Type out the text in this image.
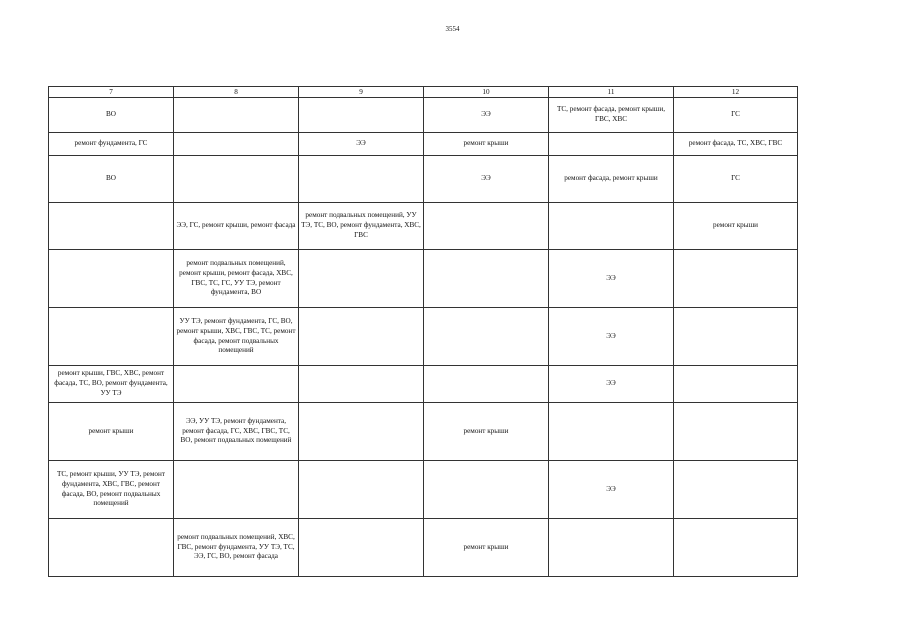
3554
7	8	9	10	11	12
ВО			ЭЭ	ТС, ремонт фасада, ремонт крыши, ГВС, ХВС	ГС
ремонт фундамента, ГС		ЭЭ	ремонт крыши		ремонт фасада, ТС, ХВС, ГВС
ВО			ЭЭ	ремонт фасада, ремонт крыши	ГС
	ЭЭ, ГС, ремонт крыши, ремонт фасада	ремонт подвальных помещений, УУ ТЭ, ТС, ВО, ремонт фундамента, ХВС, ГВС			ремонт крыши
	ремонт подвальных помещений, ремонт крыши, ремонт фасада, ХВС, ГВС, ТС, ГС, УУ ТЭ, ремонт фундамента, ВО			ЭЭ	
	УУ ТЭ, ремонт фундамента, ГС, ВО, ремонт крыши, ХВС, ГВС, ТС, ремонт фасада, ремонт подвальных помещений			ЭЭ	
ремонт крыши, ГВС, ХВС, ремонт фасада, ТС, ВО, ремонт фундамента, УУ ТЭ				ЭЭ	
ремонт крыши	ЭЭ, УУ ТЭ, ремонт фундамента, ремонт фасада, ГС, ХВС, ГВС, ТС, ВО, ремонт подвальных помещений		ремонт крыши		
ТС, ремонт крыши, УУ ТЭ, ремонт фундамента, ХВС, ГВС, ремонт фасада, ВО, ремонт подвальных помещений				ЭЭ	
	ремонт подвальных помещений, ХВС, ГВС, ремонт фундамента, УУ ТЭ, ТС, ЭЭ, ГС, ВО, ремонт фасада		ремонт крыши		
